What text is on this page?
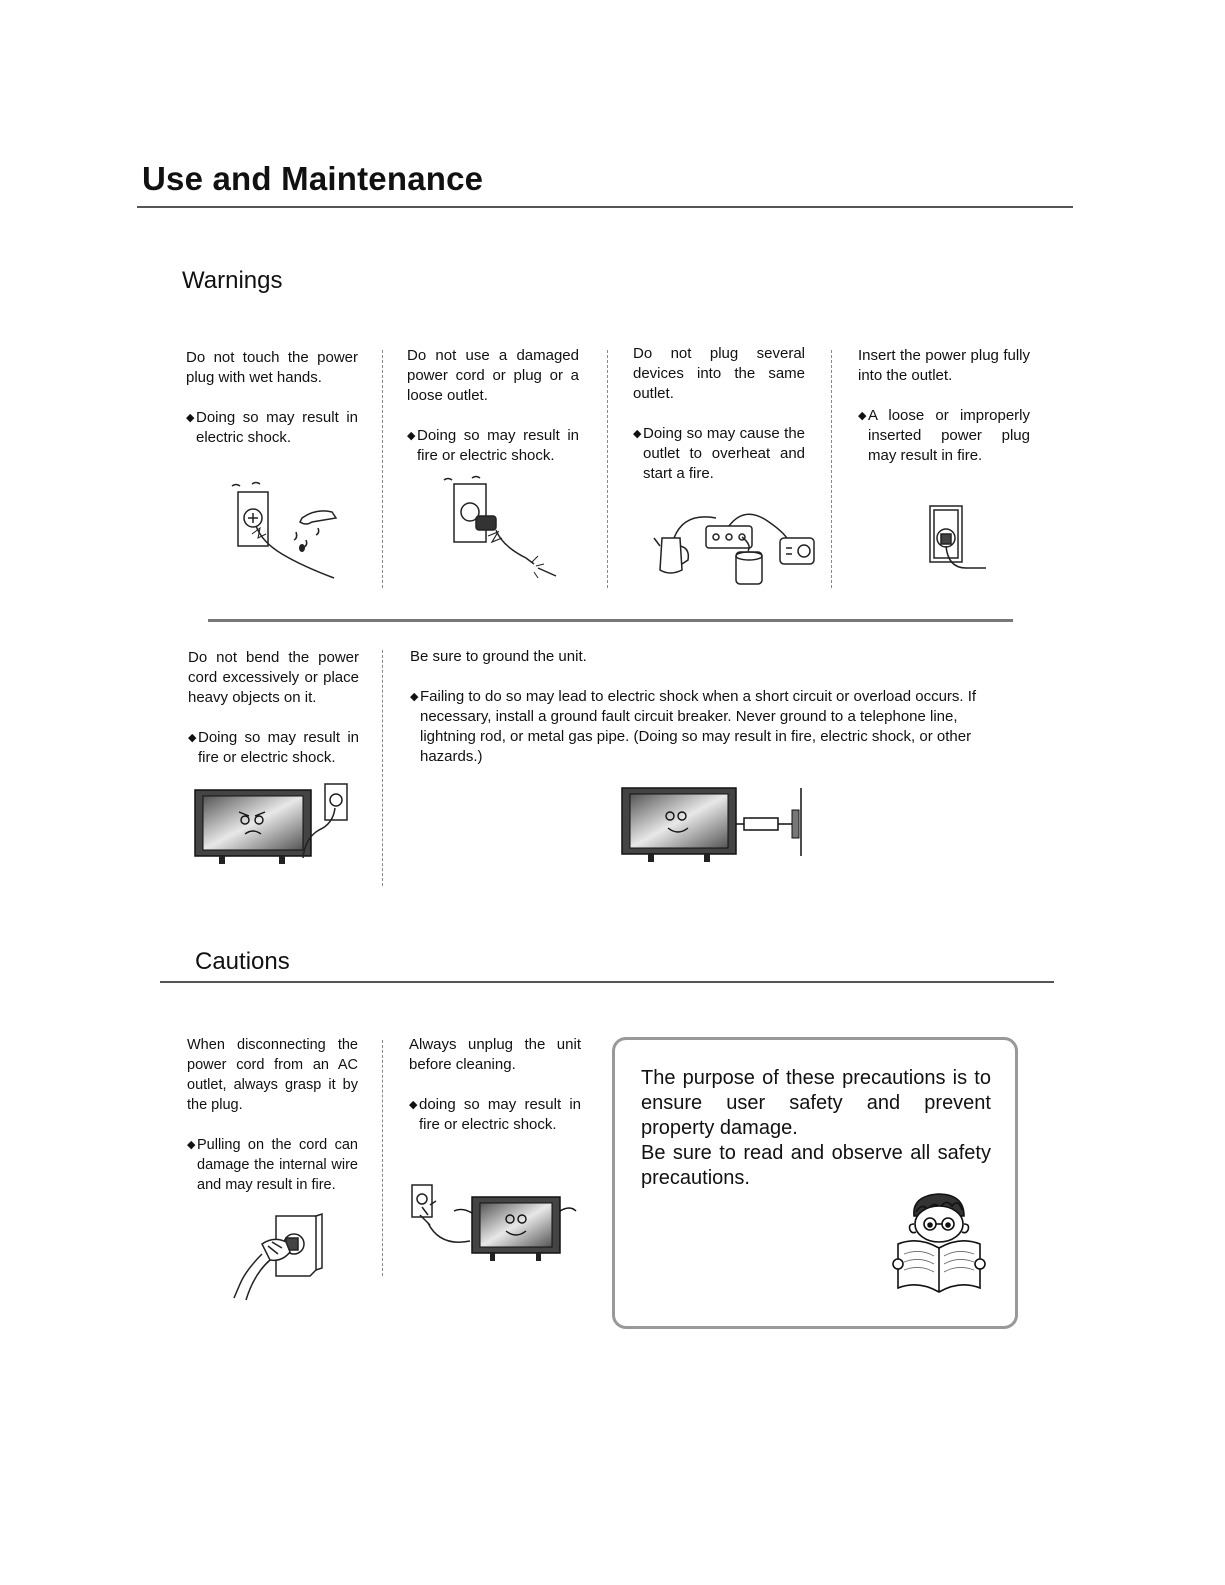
Use and Maintenance
Warnings

Do not touch the power plug with wet hands.

◆ Doing so may result in electric shock.

Do not use a damaged power cord or plug or a loose outlet.

◆ Doing so may result in fire or electric shock.

Do not plug several devices into the same outlet.

◆ Doing so may cause the outlet to overheat and start a fire.

Insert the power plug fully into the outlet.

◆ A loose or improperly inserted power plug may result in fire.

Do not bend the power cord excessively or place heavy objects on it.

◆ Doing so may result in fire or electric shock.

Be sure to ground the unit.

◆ Failing to do so may lead to electric shock when a short circuit or overload occurs. If necessary, install a ground fault circuit breaker. Never ground to a telephone line, lightning rod, or metal gas pipe. (Doing so may result in fire, electric shock, or other hazards.)

Cautions

When disconnecting the power cord from an AC outlet, always grasp it by the plug.

◆ Pulling on the cord can damage the internal wire and may result in fire.

Always unplug the unit before cleaning.

◆ doing so may result in fire or electric shock.

The purpose of these precautions is to ensure user safety and prevent property damage.

Be sure to read and observe all safety precautions.
